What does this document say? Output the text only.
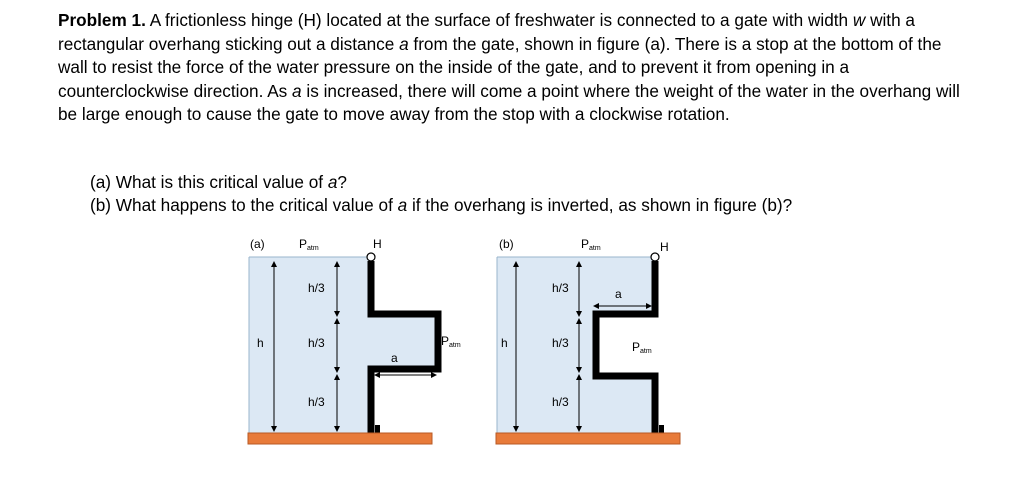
Problem 1. A frictionless hinge (H) located at the surface of freshwater is connected to a gate with width w with a rectangular overhang sticking out a distance a from the gate, shown in figure (a). There is a stop at the bottom of the wall to resist the force of the water pressure on the inside of the gate, and to prevent it from opening in a counterclockwise direction. As a is increased, there will come a point where the weight of the water in the overhang will be large enough to cause the gate to move away from the stop with a clockwise rotation.
(a) What is this critical value of a?
(b) What happens to the critical value of a if the overhang is inverted, as shown in figure (b)?
(a)	Patm	H
h
h/3
h/3
h/3
a
Patm
(b)	Patm	H
h
h/3
h/3
h/3
a
Patm
